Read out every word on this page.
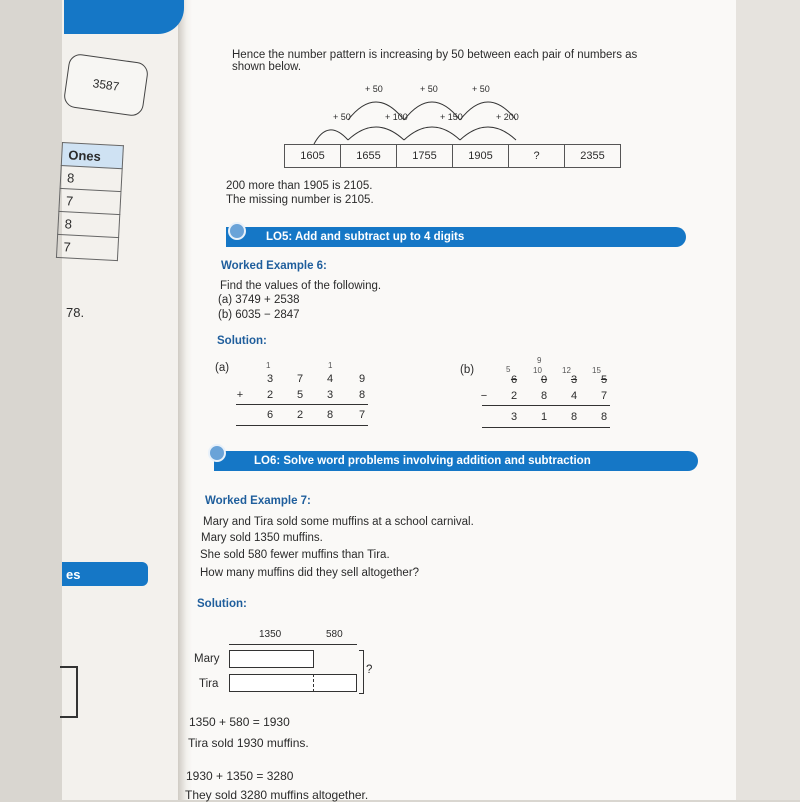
3587
Ones
8
7
8
7
78.
es
Hence the number pattern is increasing by 50 between each pair of numbers as
shown below.
+ 50	+ 50	+ 50
+ 50	+ 100	+ 150	+ 200
1605	1655	1755	1905	?	2355
200 more than 1905 is 2105.
The missing number is 2105.
LO5: Add and subtract up to 4 digits
Worked Example 6:
Find the values of the following.
(a) 3749 + 2538
(b) 6035 − 2847
Solution:
(a)	1	1
3	7	4	9
+	2	5	3	8
6	2	8	7
(b)	5
9
10	12	15
6	0	3	5
−	2	8	4	7
3	1	8	8
LO6: Solve word problems involving addition and subtraction
Worked Example 7:
Mary and Tira sold some muffins at a school carnival.
Mary sold 1350 muffins.
She sold 580 fewer muffins than Tira.
How many muffins did they sell altogether?
Solution:
1350	580
Mary
Tira
?
1350 + 580 = 1930
Tira sold 1930 muffins.
1930 + 1350 = 3280
They sold 3280 muffins altogether.
